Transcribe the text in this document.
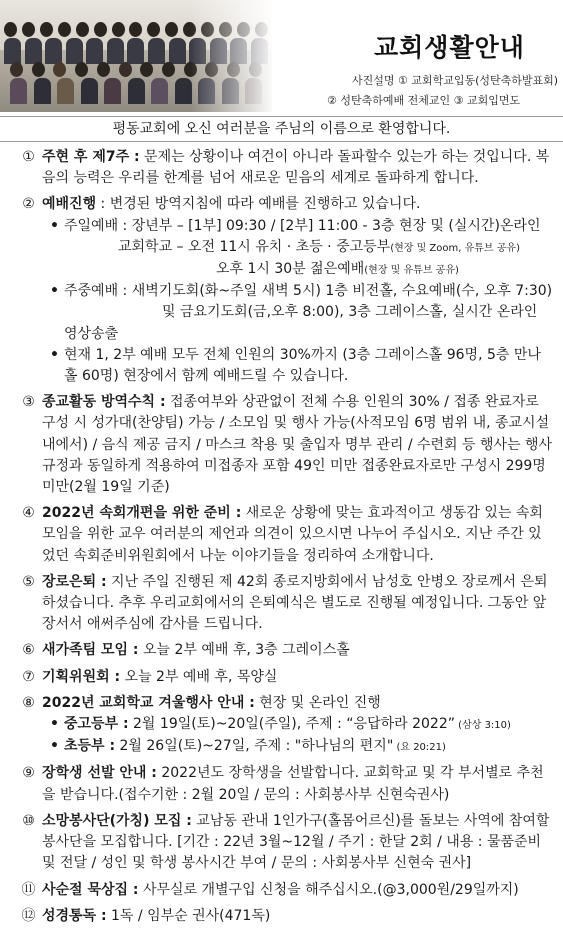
교회생활안내
사진설명 ① 교회학교입동(성탄축하발표회)
② 성탄축하예배 전체교인 ③ 교회입면도
평동교회에 오신 여러분을 주님의 이름으로 환영합니다.
① 주현 후 제7주 : 문제는 상황이나 여건이 아니라 돌파할수 있는가 하는 것입니다. 복음의 능력은 우리를 한계를 넘어 새로운 믿음의 세계로 돌파하게 합니다.
② 예배진행 : 변경된 방역지침에 따라 예배를 진행하고 있습니다.
• 주일예배 : 장년부 – [1부] 09:30 / [2부] 11:00 - 3층 현장 및 (실시간)온라인
교회학교 – 오전 11시 유치 · 초등 · 중고등부(현장 및 Zoom, 유튜브 공유)
오후 1시 30분 젊은예배(현장 및 유튜브 공유)
• 주중예배 : 새벽기도회(화~주일 새벽 5시) 1층 비전홀, 수요예배(수, 오후 7:30)
및 금요기도회(금,오후 8:00), 3층 그레이스홀, 실시간 온라인 영상송출
• 현재 1, 2부 예배 모두 전체 인원의 30%까지 (3층 그레이스홀 96명, 5층 만나홀 60명) 현장에서 함께 예배드릴 수 있습니다.
③ 종교활동 방역수칙 : 접종여부와 상관없이 전체 수용 인원의 30% / 접종 완료자로 구성 시 성가대(찬양팀) 가능 / 소모임 및 행사 가능(사적모임 6명 범위 내, 종교시설 내에서) / 음식 제공 금지 / 마스크 착용 및 출입자 명부 관리 / 수련회 등 행사는 행사규정과 동일하게 적용하여 미접종자 포함 49인 미만 접종완료자로만 구성시 299명 미만(2월 19일 기준)
④ 2022년 속회개편을 위한 준비 : 새로운 상황에 맞는 효과적이고 생동감 있는 속회모임을 위한 교우 여러분의 제언과 의견이 있으시면 나누어 주십시오. 지난 주간 있었던 속회준비위원회에서 나눈 이야기들을 정리하여 소개합니다.
⑤ 장로은퇴 : 지난 주일 진행된 제 42회 종로지방회에서 남성호 안병오 장로께서 은퇴하셨습니다. 추후 우리교회에서의 은퇴예식은 별도로 진행될 예정입니다. 그동안 앞장서서 애써주심에 감사를 드립니다.
⑥ 새가족팀 모임 : 오늘 2부 예배 후, 3층 그레이스홀
⑦ 기획위원회 : 오늘 2부 예배 후, 목양실
⑧ 2022년 교회학교 겨울행사 안내 : 현장 및 온라인 진행
• 중고등부 : 2월 19일(토)~20일(주일), 주제 : “응답하라 2022” (삼상 3:10)
• 초등부 : 2월 26일(토)~27일, 주제 : "하나님의 편지" (요 20:21)
⑨ 장학생 선발 안내 : 2022년도 장학생을 선발합니다. 교회학교 및 각 부서별로 추천을 받습니다.(접수기한 : 2월 20일 / 문의 : 사회봉사부 신현숙권사)
⑩ 소망봉사단(가칭) 모집 : 교남동 관내 1인가구(홀몸어르신)를 돌보는 사역에 참여할 봉사단을 모집합니다. [기간 : 22년 3월~12월 / 주기 : 한달 2회 / 내용 : 물품준비 및 전달 / 성인 및 학생 봉사시간 부여 / 문의 : 사회봉사부 신현숙 권사]
⑪ 사순절 묵상집 : 사무실로 개별구입 신청을 해주십시오.(@3,000원/29일까지)
⑫ 성경통독 : 1독 / 임부순 권사(471독)
